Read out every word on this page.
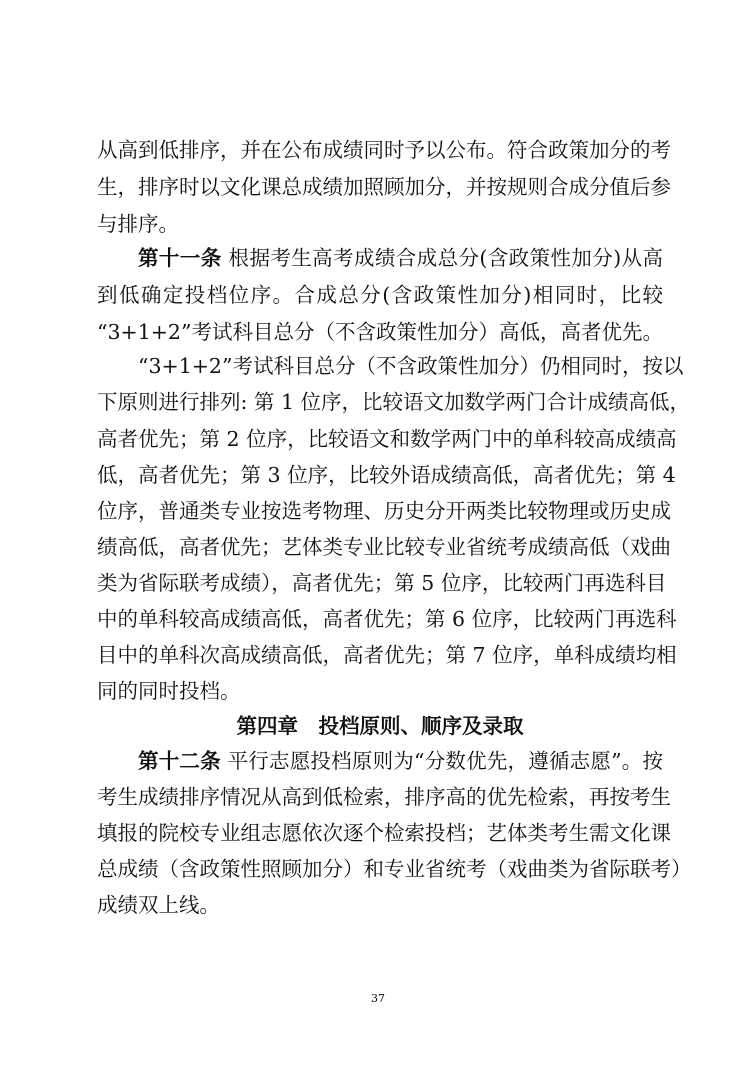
从高到低排序，并在公布成绩同时予以公布。符合政策加分的考
生，排序时以文化课总成绩加照顾加分，并按规则合成分值后参
与排序。
第十一条 根据考生高考成绩合成总分(含政策性加分)从高
到低确定投档位序。合成总分(含政策性加分)相同时，比较
“3+1+2”考试科目总分（不含政策性加分）高低，高者优先。
“3+1+2”考试科目总分（不含政策性加分）仍相同时，按以
下原则进行排列: 第 1 位序，比较语文加数学两门合计成绩高低，
高者优先；第 2 位序，比较语文和数学两门中的单科较高成绩高
低，高者优先；第 3 位序，比较外语成绩高低，高者优先；第 4
位序，普通类专业按选考物理、历史分开两类比较物理或历史成
绩高低，高者优先；艺体类专业比较专业省统考成绩高低（戏曲
类为省际联考成绩），高者优先；第 5 位序，比较两门再选科目
中的单科较高成绩高低，高者优先；第 6 位序，比较两门再选科
目中的单科次高成绩高低，高者优先；第 7 位序，单科成绩均相
同的同时投档。
第四章　投档原则、顺序及录取
第十二条 平行志愿投档原则为“分数优先，遵循志愿”。按
考生成绩排序情况从高到低检索，排序高的优先检索，再按考生
填报的院校专业组志愿依次逐个检索投档；艺体类考生需文化课
总成绩（含政策性照顾加分）和专业省统考（戏曲类为省际联考）
成绩双上线。
37
